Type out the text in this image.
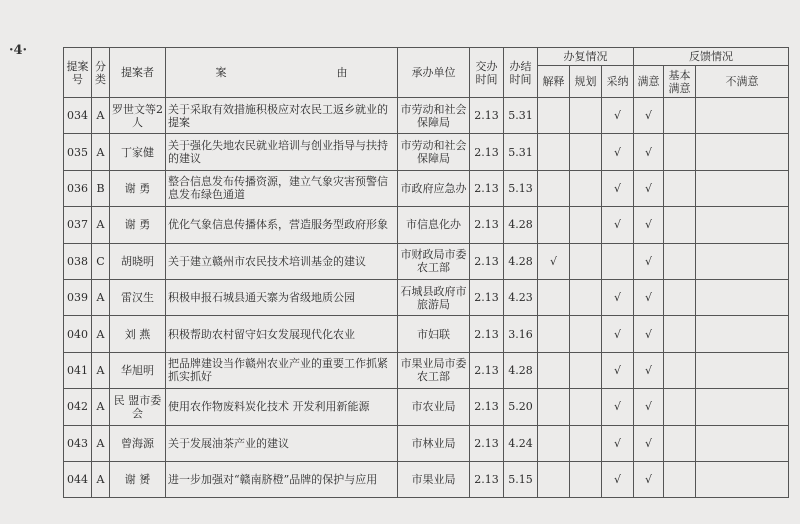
·4·
提案号	分类	提案者	案 由	承办单位	交办时间	办结时间	办复情况			反馈情况		
							解释	规划	采纳	满意	基本满意	不满意
034	A	罗世文等2人	关于采取有效措施积极应对农民工返乡就业的提案	市劳动和社会保障局	2.13	5.31			√	√		
035	A	丁家健	关于强化失地农民就业培训与创业指导与扶持的建议	市劳动和社会保障局	2.13	5.31			√	√		
036	B	谢 勇	整合信息发布传播资源，建立气象灾害预警信息发布绿色通道	市政府应急办	2.13	5.13			√	√		
037	A	谢 勇	优化气象信息传播体系，营造服务型政府形象	市信息化办	2.13	4.28			√	√		
038	C	胡晓明	关于建立赣州市农民技术培训基金的建议	市财政局市委农工部	2.13	4.28	√			√		
039	A	雷汉生	积极申报石城县通天寨为省级地质公园	石城县政府市旅游局	2.13	4.23			√	√		
040	A	刘 燕	积极帮助农村留守妇女发展现代化农业	市妇联	2.13	3.16			√	√		
041	A	华旭明	把品牌建设当作赣州农业产业的重要工作抓紧抓实抓好	市果业局市委农工部	2.13	4.28			√	√		
042	A	民 盟市委会	使用农作物废料炭化技术 开发利用新能源	市农业局	2.13	5.20			√	√		
043	A	曾海源	关于发展油茶产业的建议	市林业局	2.13	4.24			√	√		
044	A	谢 赟	进一步加强对“赣南脐橙”品牌的保护与应用	市果业局	2.13	5.15			√	√		
